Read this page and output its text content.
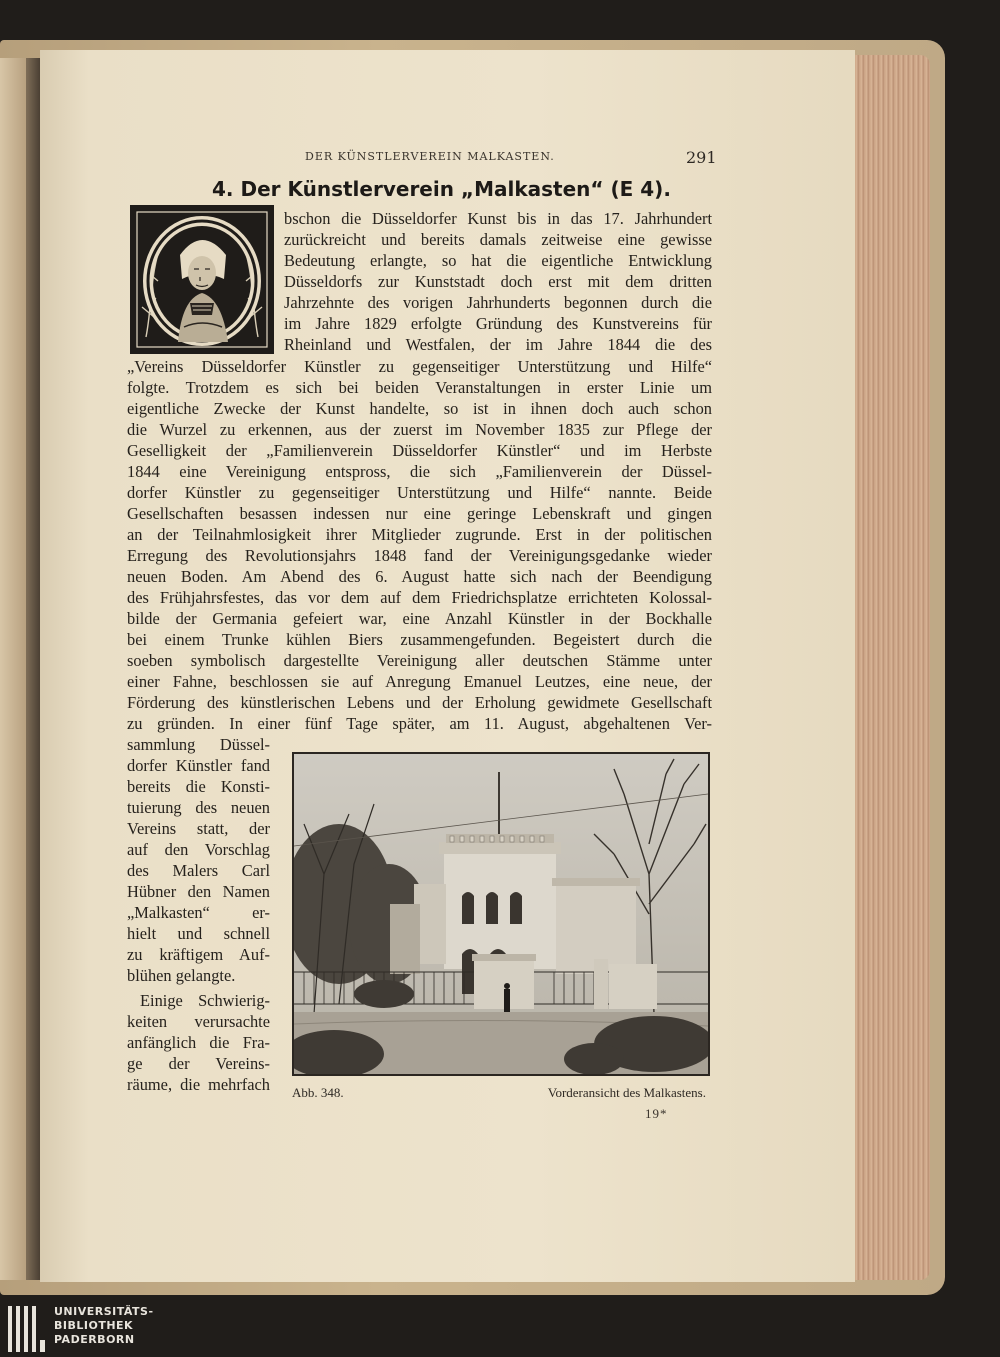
DER KÜNSTLERVEREIN MALKASTEN.	291
4. Der Künstlerverein „Malkasten“ (E 4).
bschon die Düsseldorfer Kunst bis in das 17. Jahrhundert
zurückreicht und bereits damals zeitweise eine gewisse
Bedeutung erlangte, so hat die eigentliche Entwicklung
Düsseldorfs zur Kunststadt doch erst mit dem dritten
Jahrzehnte des vorigen Jahrhunderts begonnen durch die
im Jahre 1829 erfolgte Gründung des Kunstvereins für
Rheinland und Westfalen, der im Jahre 1844 die des
„Vereins Düsseldorfer Künstler zu gegenseitiger Unterstützung und Hilfe“
folgte. Trotzdem es sich bei beiden Veranstaltungen in erster Linie um
eigentliche Zwecke der Kunst handelte, so ist in ihnen doch auch schon
die Wurzel zu erkennen, aus der zuerst im November 1835 zur Pflege der
Geselligkeit der „Familienverein Düsseldorfer Künstler“ und im Herbste
1844 eine Vereinigung entspross, die sich „Familienverein der Düssel-
dorfer Künstler zu gegenseitiger Unterstützung und Hilfe“ nannte. Beide
Gesellschaften besassen indessen nur eine geringe Lebenskraft und gingen
an der Teilnahmlosigkeit ihrer Mitglieder zugrunde. Erst in der politischen
Erregung des Revolutionsjahrs 1848 fand der Vereinigungsgedanke wieder
neuen Boden. Am Abend des 6. August hatte sich nach der Beendigung
des Frühjahrsfestes, das vor dem auf dem Friedrichsplatze errichteten Kolossal-
bilde der Germania gefeiert war, eine Anzahl Künstler in der Bockhalle
bei einem Trunke kühlen Biers zusammengefunden. Begeistert durch die
soeben symbolisch dargestellte Vereinigung aller deutschen Stämme unter
einer Fahne, beschlossen sie auf Anregung Emanuel Leutzes, eine neue, der
Förderung des künstlerischen Lebens und der Erholung gewidmete Gesellschaft
zu gründen. In einer fünf Tage später, am 11. August, abgehaltenen Ver-
sammlung Düssel-
dorfer Künstler fand
bereits die Konsti-
tuierung des neuen
Vereins statt, der
auf den Vorschlag
des Malers Carl
Hübner den Namen
„Malkasten“ er-
hielt und schnell
zu kräftigem Auf-
blühen gelangte.
Einige Schwierig-
keiten verursachte
anfänglich die Fra-
ge der Vereins-
räume, die mehrfach Abb. 348.	Vorderansicht des Malkastens.
19*
UNIVERSITÄTS-
BIBLIOTHEK
PADERBORN
